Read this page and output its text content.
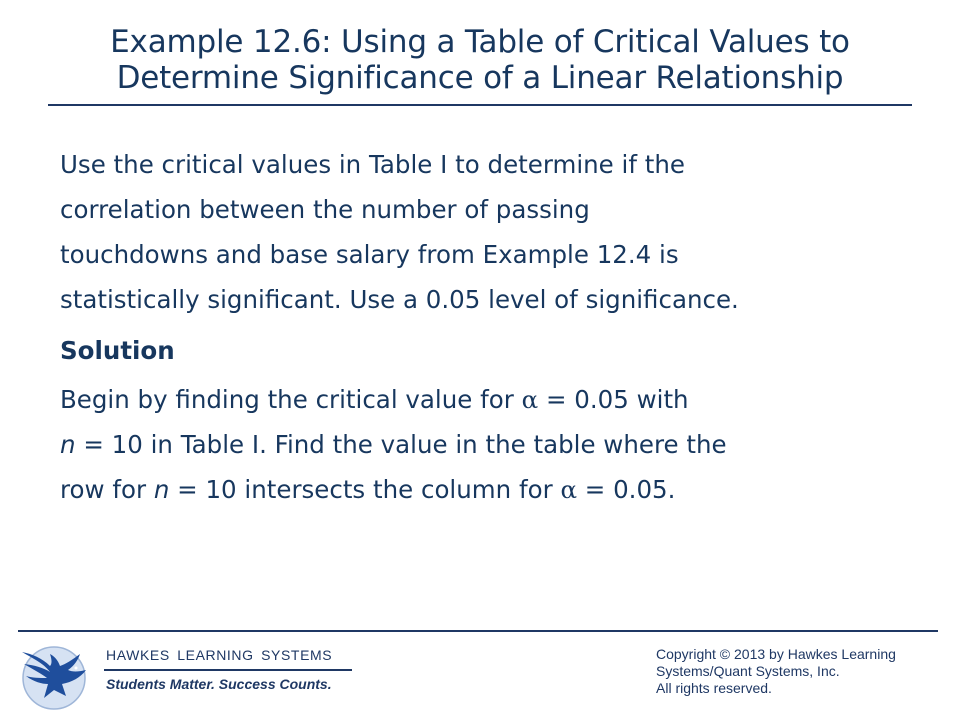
Example 12.6: Using a Table of Critical Values to
Determine Significance of a Linear Relationship

Use the critical values in Table I to determine if the
correlation between the number of passing
touchdowns and base salary from Example 12.4 is
statistically significant. Use a 0.05 level of significance.

Solution

Begin by finding the critical value for α = 0.05 with
n = 10 in Table I. Find the value in the table where the
row for n = 10 intersects the column for α = 0.05.

HAWKES LEARNING SYSTEMS
Students Matter. Success Counts.
Copyright © 2013 by Hawkes Learning
Systems/Quant Systems, Inc.
All rights reserved.
